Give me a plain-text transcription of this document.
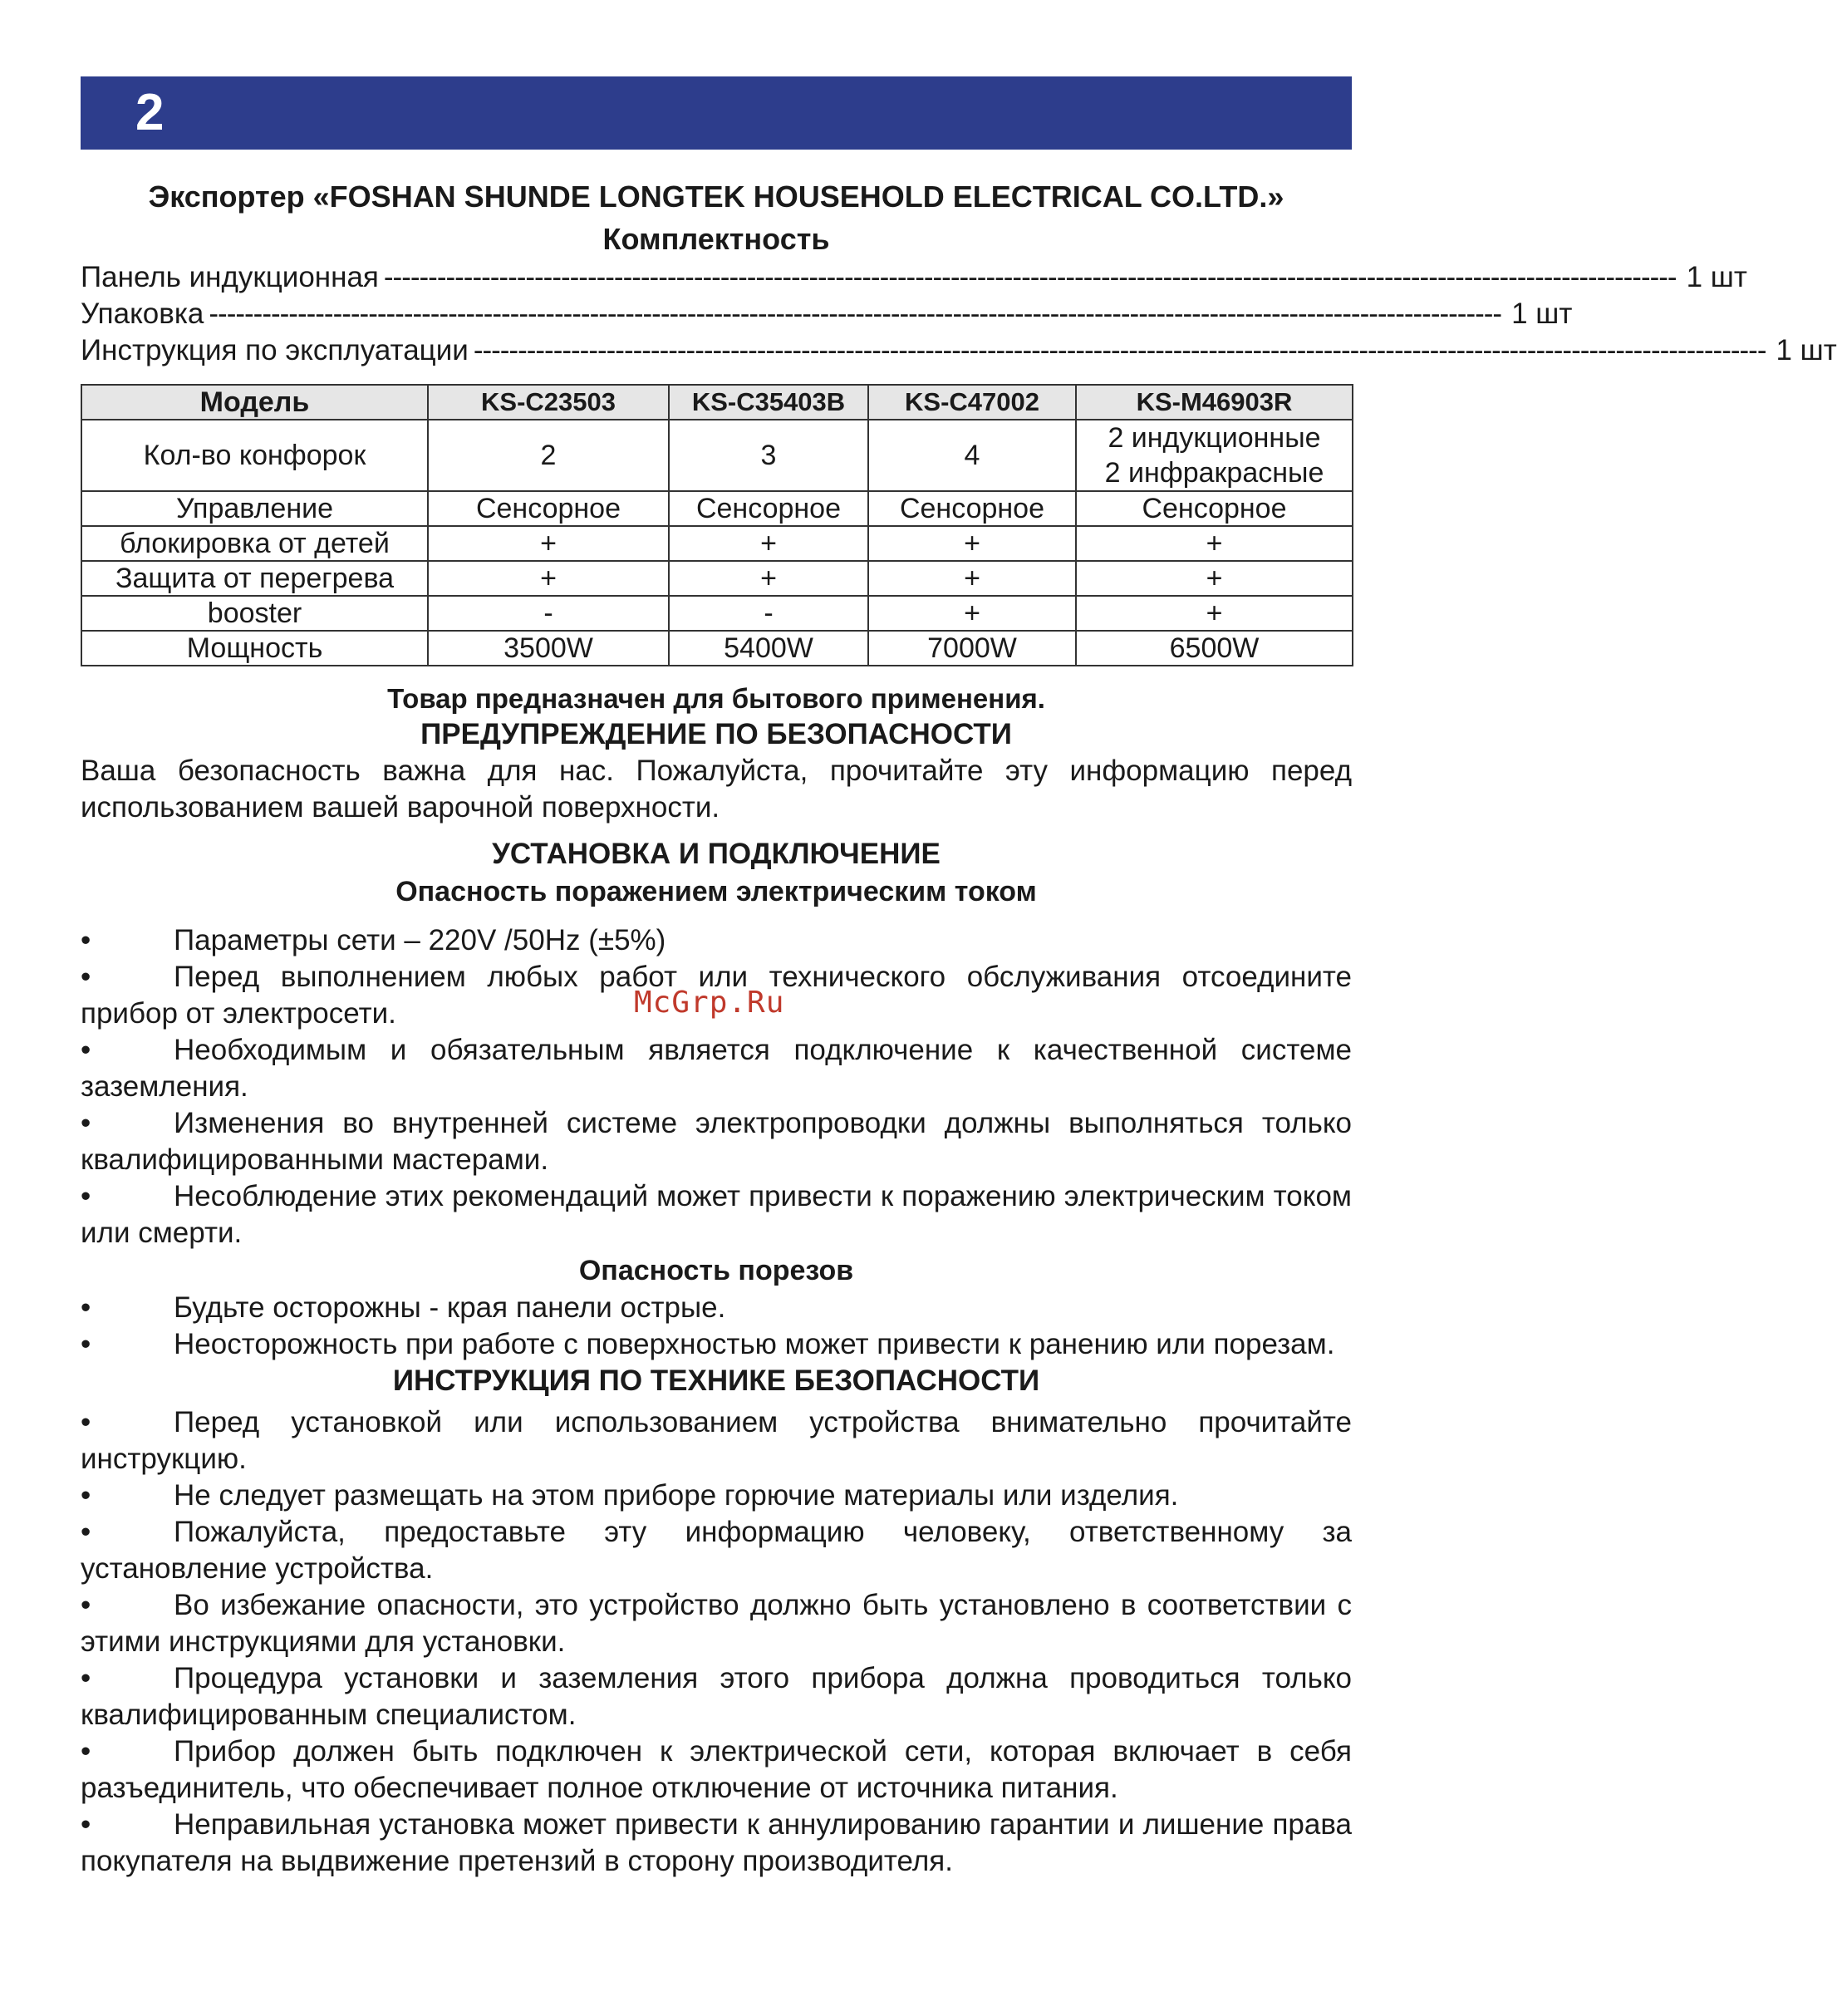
2
Экспортер «FOSHAN SHUNDE LONGTEK HOUSEHOLD ELECTRICAL CO.LTD.»
Комплектность
Панель индукционная -------------------------------------------------------------------------------------------------------------------------------------------------- 1 шт
Упаковка -------------------------------------------------------------------------------------------------------------------------------------------------- 1 шт
Инструкция по эксплуатации -------------------------------------------------------------------------------------------------------------------------------------------------- 1 шт
Модель	KS-C23503	KS-C35403B	KS-C47002	KS-M46903R
Кол-во конфорок	2	3	4	2 индукционные
2 инфракрасные
Управление	Сенсорное	Сенсорное	Сенсорное	Сенсорное
блокировка от детей	+	+	+	+
Защита от перегрева	+	+	+	+
booster	-	-	+	+
Мощность	3500W	5400W	7000W	6500W
Товар предназначен для бытового применения.
ПРЕДУПРЕЖДЕНИЕ ПО БЕЗОПАСНОСТИ
Ваша безопасность важна для нас. Пожалуйста, прочитайте эту информацию перед использованием вашей варочной поверхности.
УСТАНОВКА И ПОДКЛЮЧЕНИЕ
Опасность поражением электрическим током
•	Параметры сети – 220V /50Hz (±5%)
•	Перед выполнением любых работ или технического обслуживания отсоедините прибор от электросети.
•	Необходимым и обязательным является подключение к качественной системе заземления.
•	Изменения во внутренней системе электропроводки должны выполняться только квалифицированными мастерами.
•	Несоблюдение этих рекомендаций может привести к поражению электрическим током или смерти.
Опасность порезов
•	Будьте осторожны - края панели острые.
•	Неосторожность при работе с поверхностью может привести к ранению или порезам.
ИНСТРУКЦИЯ ПО ТЕХНИКЕ БЕЗОПАСНОСТИ
•	Перед установкой или использованием устройства внимательно прочитайте инструкцию.
•	Не следует размещать на этом приборе горючие материалы или изделия.
•	Пожалуйста, предоставьте эту информацию человеку, ответственному за установление устройства.
•	Во избежание опасности, это устройство должно быть установлено в соответствии с этими инструкциями для установки.
•	Процедура установки и заземления этого прибора должна проводиться только квалифицированным специалистом.
•	Прибор должен быть подключен к электрической сети, которая включает в себя разъединитель, что обеспечивает полное отключение от источника питания.
•	Неправильная установка может привести к аннулированию гарантии и лишение права покупателя на выдвижение претензий в сторону производителя.
McGrp.Ru
